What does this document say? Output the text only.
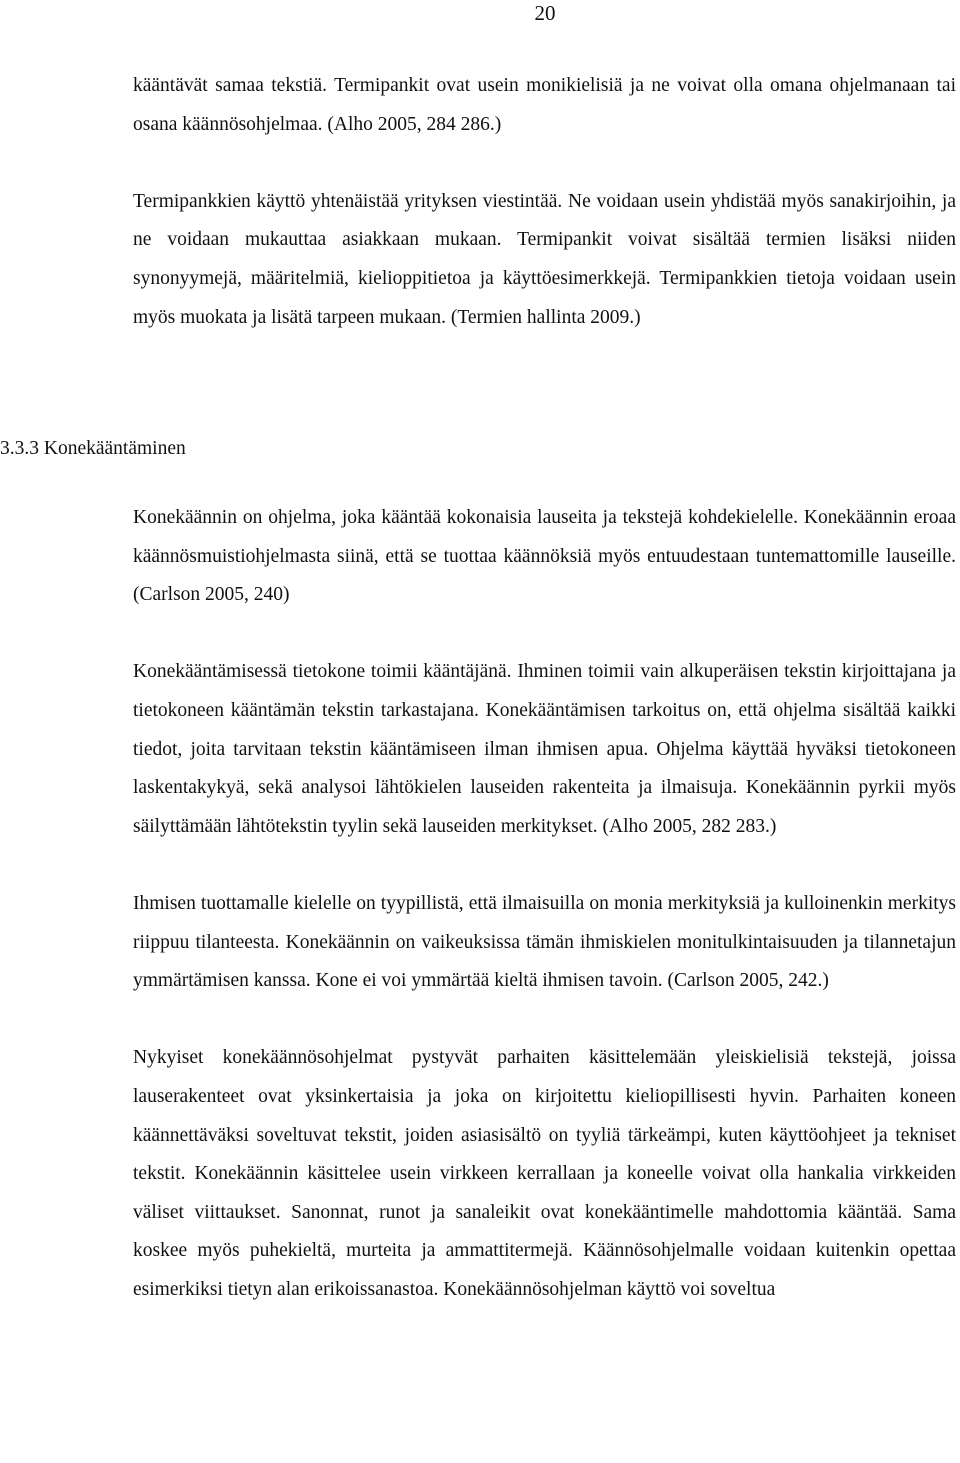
20

kääntävät samaa tekstiä. Termipankit ovat usein monikielisiä ja ne voivat olla omana ohjelmanaan tai osana käännösohjelmaa. (Alho 2005, 284 286.)

Termipankkien käyttö yhtenäistää yrityksen viestintää. Ne voidaan usein yhdistää myös sanakirjoihin, ja ne voidaan mukauttaa asiakkaan mukaan. Termipankit voivat sisältää termien lisäksi niiden synonyymejä, määritelmiä, kielioppitietoa ja käyttöesimerkkejä. Termipankkien tietoja voidaan usein myös muokata ja lisätä tarpeen mukaan. (Termien hallinta 2009.)

3.3.3 Konekääntäminen

Konekäännin on ohjelma, joka kääntää kokonaisia lauseita ja tekstejä kohdekielelle. Konekäännin eroaa käännösmuistiohjelmasta siinä, että se tuottaa käännöksiä myös entuudestaan tuntemattomille lauseille. (Carlson 2005, 240)

Konekääntämisessä tietokone toimii kääntäjänä. Ihminen toimii vain alkuperäisen tekstin kirjoittajana ja tietokoneen kääntämän tekstin tarkastajana. Konekääntämisen tarkoitus on, että ohjelma sisältää kaikki tiedot, joita tarvitaan tekstin kääntämiseen ilman ihmisen apua. Ohjelma käyttää hyväksi tietokoneen laskentakykyä, sekä analysoi lähtökielen lauseiden rakenteita ja ilmaisuja. Konekäännin pyrkii myös säilyttämään lähtötekstin tyylin sekä lauseiden merkitykset. (Alho 2005, 282 283.)

Ihmisen tuottamalle kielelle on tyypillistä, että ilmaisuilla on monia merkityksiä ja kulloinenkin merkitys riippuu tilanteesta. Konekäännin on vaikeuksissa tämän ihmiskielen monitulkintaisuuden ja tilannetajun ymmärtämisen kanssa. Kone ei voi ymmärtää kieltä ihmisen tavoin. (Carlson 2005, 242.)

Nykyiset konekäännösohjelmat pystyvät parhaiten käsittelemään yleiskielisiä tekstejä, joissa lauserakenteet ovat yksinkertaisia ja joka on kirjoitettu kieliopillisesti hyvin. Parhaiten koneen käännettäväksi soveltuvat tekstit, joiden asiasisältö on tyyliä tärkeämpi, kuten käyttöohjeet ja tekniset tekstit. Konekäännin käsittelee usein virkkeen kerrallaan ja koneelle voivat olla hankalia virkkeiden väliset viittaukset. Sanonnat, runot ja sanaleikit ovat konekääntimelle mahdottomia kääntää. Sama koskee myös puhekieltä, murteita ja ammattitermejä. Käännösohjelmalle voidaan kuitenkin opettaa esimerkiksi tietyn alan erikoissanastoa. Konekäännösohjelman käyttö voi soveltua
